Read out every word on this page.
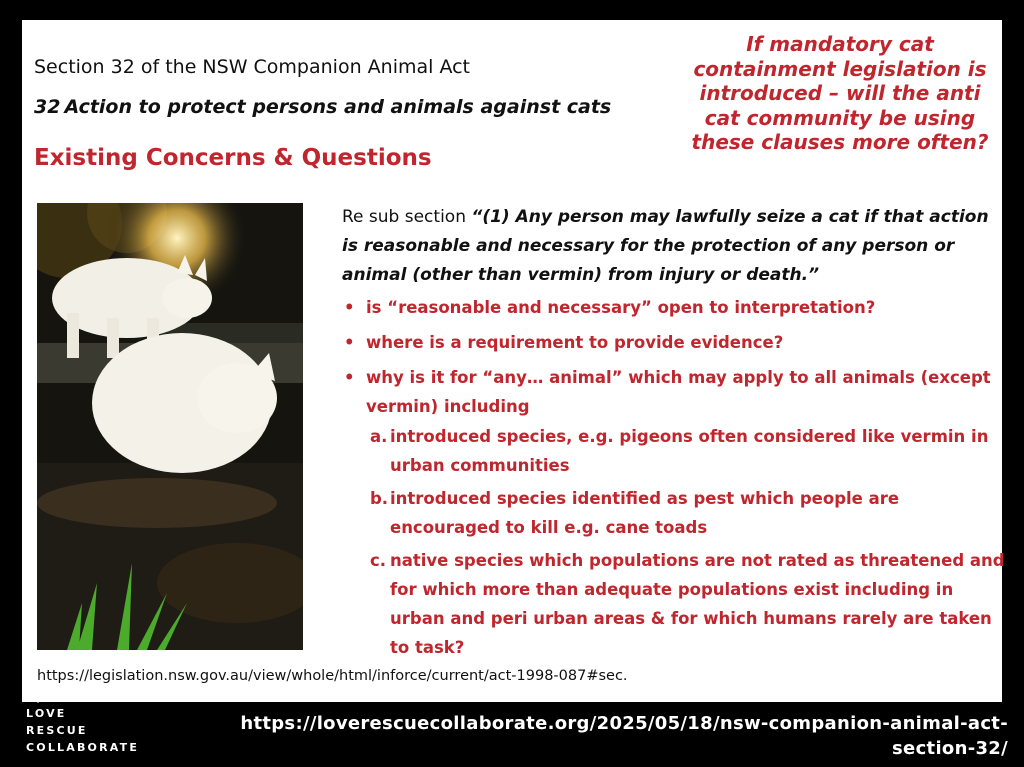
Section 32 of the NSW Companion Animal Act
32 Action to protect persons and animals against cats
Existing Concerns & Questions
If mandatory cat containment legislation is introduced – will the anti cat community be using these clauses more often?
Re sub section “(1) Any person may lawfully seize a cat if that action is reasonable and necessary for the protection of any person or animal (other than vermin) from injury or death.”
• is “reasonable and necessary” open to interpretation?
• where is a requirement to provide evidence?
• why is it for “any… animal” which may apply to all animals (except vermin) including
a. introduced species, e.g. pigeons often considered like vermin in urban communities
b. introduced species identified as pest which people are encouraged to kill e.g. cane toads
c. native species which populations are not rated as threatened and for which more than adequate populations exist including in urban and peri urban areas & for which humans rarely are taken to task?
https://legislation.nsw.gov.au/view/whole/html/inforce/current/act-1998-087#sec.
LOVE
RESCUE
COLLABORATE
https://loverescuecollaborate.org/2025/05/18/nsw-companion-animal-act-
section-32/
